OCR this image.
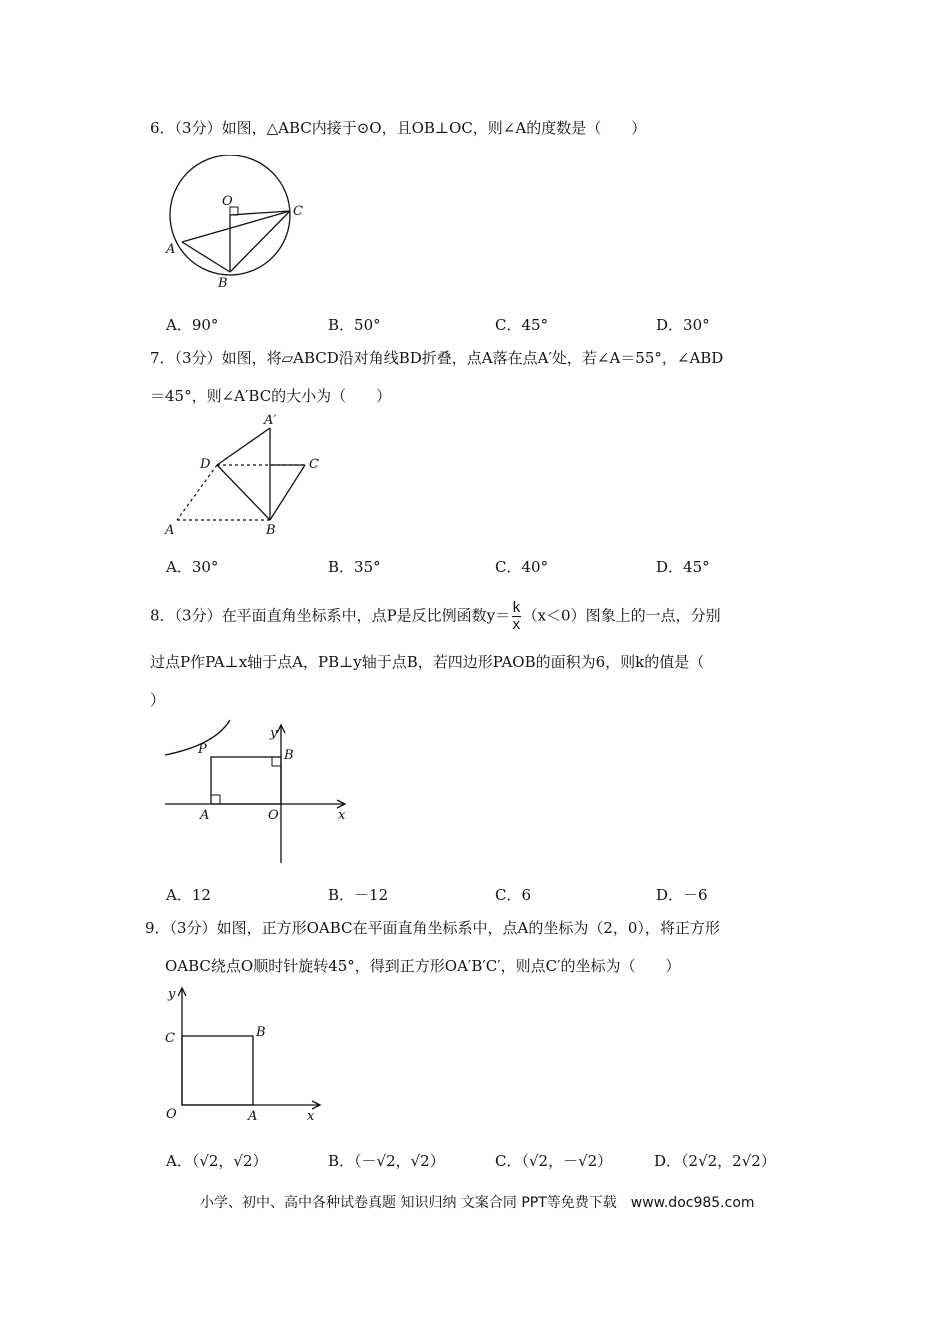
6．（3分）如图，△ABC内接于⊙O，且OB⊥OC，则∠A的度数是（　　）
O
A
B
C
A．90°	B．50°	C．45°	D．30°
7．（3分）如图，将▱ABCD沿对角线BD折叠，点A落在点A′处，若∠A＝55°，∠ABD
＝45°，则∠A′BC的大小为（　　）
A′
D	C
A	B
A．30°	B．35°	C．40°	D．45°
8．（3分）在平面直角坐标系中，点P是反比例函数$y= \frac{k}{x} (x<0)$图象上的一点，分别
过点P作PA⊥x轴于点A，PB⊥y轴于点B，若四边形PAOB的面积为6，则k的值是（
）
P
y
B
A	O	x
A．12	B．－12	C．6	D．－6
9．（3分）如图，正方形OABC在平面直角坐标系中，点A的坐标为（2，0），将正方形
OABC绕点O顺时针旋转45°，得到正方形OA′B′C′，则点C′的坐标为（　　）
y
C	B
O	A	x
A．（√2，√2）	B．（－√2，√2）	C．（√2，－√2）	D．（2√2，2√2）
小学、初中、高中各种试卷真题 知识归纳 文案合同 PPT等免费下载　www.doc985.com
